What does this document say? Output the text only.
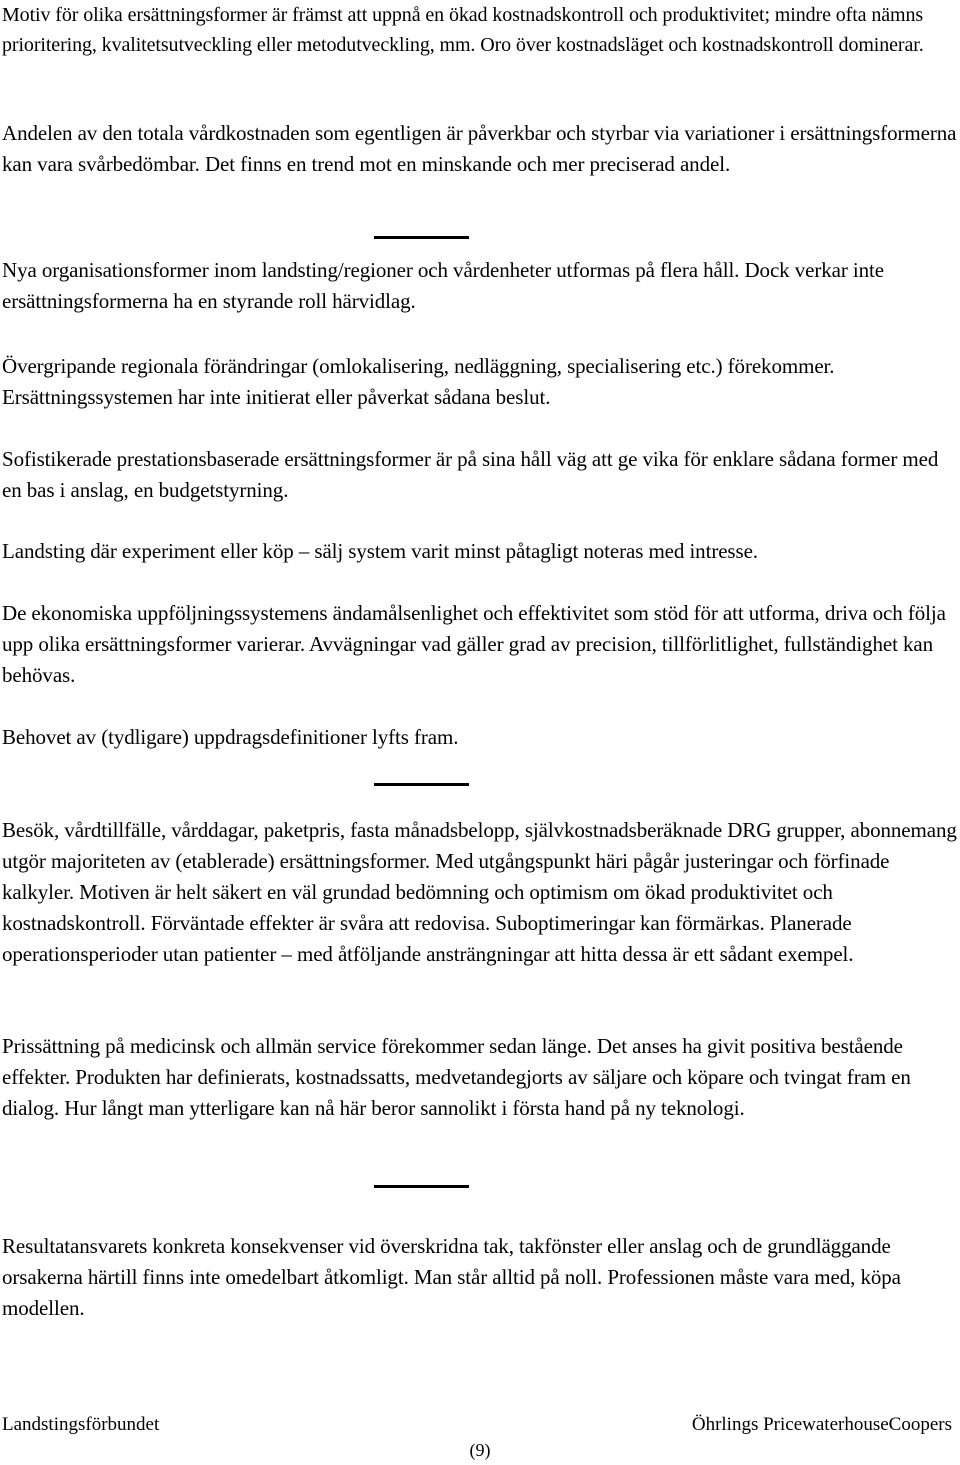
Motiv för olika ersättningsformer är främst att uppnå en ökad kostnadskontroll och produktivitet; mindre ofta nämns prioritering, kvalitetsutveckling eller metodutveckling, mm. Oro över kostnadsläget och kostnadskontroll dominerar.

Andelen av den totala vårdkostnaden som egentligen är påverkbar och styrbar via variationer i ersättningsformerna kan vara svårbedömbar. Det finns en trend mot en minskande och mer preciserad andel.

Nya organisationsformer inom landsting/regioner och vårdenheter utformas på flera håll. Dock verkar inte ersättningsformerna ha en styrande roll härvidlag.

Övergripande regionala förändringar (omlokalisering, nedläggning, specialisering etc.) förekommer. Ersättningssystemen har inte initierat eller påverkat sådana beslut.

Sofistikerade prestationsbaserade ersättningsformer är på sina håll väg att ge vika för enklare sådana former med en bas i anslag, en budgetstyrning.

Landsting där experiment eller köp – sälj system varit minst påtagligt noteras med intresse.

De ekonomiska uppföljningssystemens ändamålsenlighet och effektivitet som stöd för att utforma, driva och följa upp olika ersättningsformer varierar. Avvägningar vad gäller grad av precision, tillförlitlighet, fullständighet kan behövas.

Behovet av (tydligare) uppdragsdefinitioner lyfts fram.

Besök, vårdtillfälle, vårddagar, paketpris, fasta månadsbelopp, självkostnadsberäknade DRG grupper, abonnemang utgör majoriteten av (etablerade) ersättningsformer. Med utgångspunkt häri pågår justeringar och förfinade kalkyler. Motiven är helt säkert en väl grundad bedömning och optimism om ökad produktivitet och kostnadskontroll. Förväntade effekter är svåra att redovisa. Suboptimeringar kan förmärkas. Planerade operationsperioder utan patienter – med åtföljande ansträngningar att hitta dessa är ett sådant exempel.

Prissättning på medicinsk och allmän service förekommer sedan länge. Det anses ha givit positiva bestående effekter. Produkten har definierats, kostnadssatts, medvetandegjorts av säljare och köpare och tvingat fram en dialog. Hur långt man ytterligare kan nå här beror sannolikt i första hand på ny teknologi.

Resultatansvarets konkreta konsekvenser vid överskridna tak, takfönster eller anslag och de grundläggande orsakerna härtill finns inte omedelbart åtkomligt. Man står alltid på noll. Professionen måste vara med, köpa modellen.

Landstingsförbundet	Öhrlings PricewaterhouseCoopers
(9)
